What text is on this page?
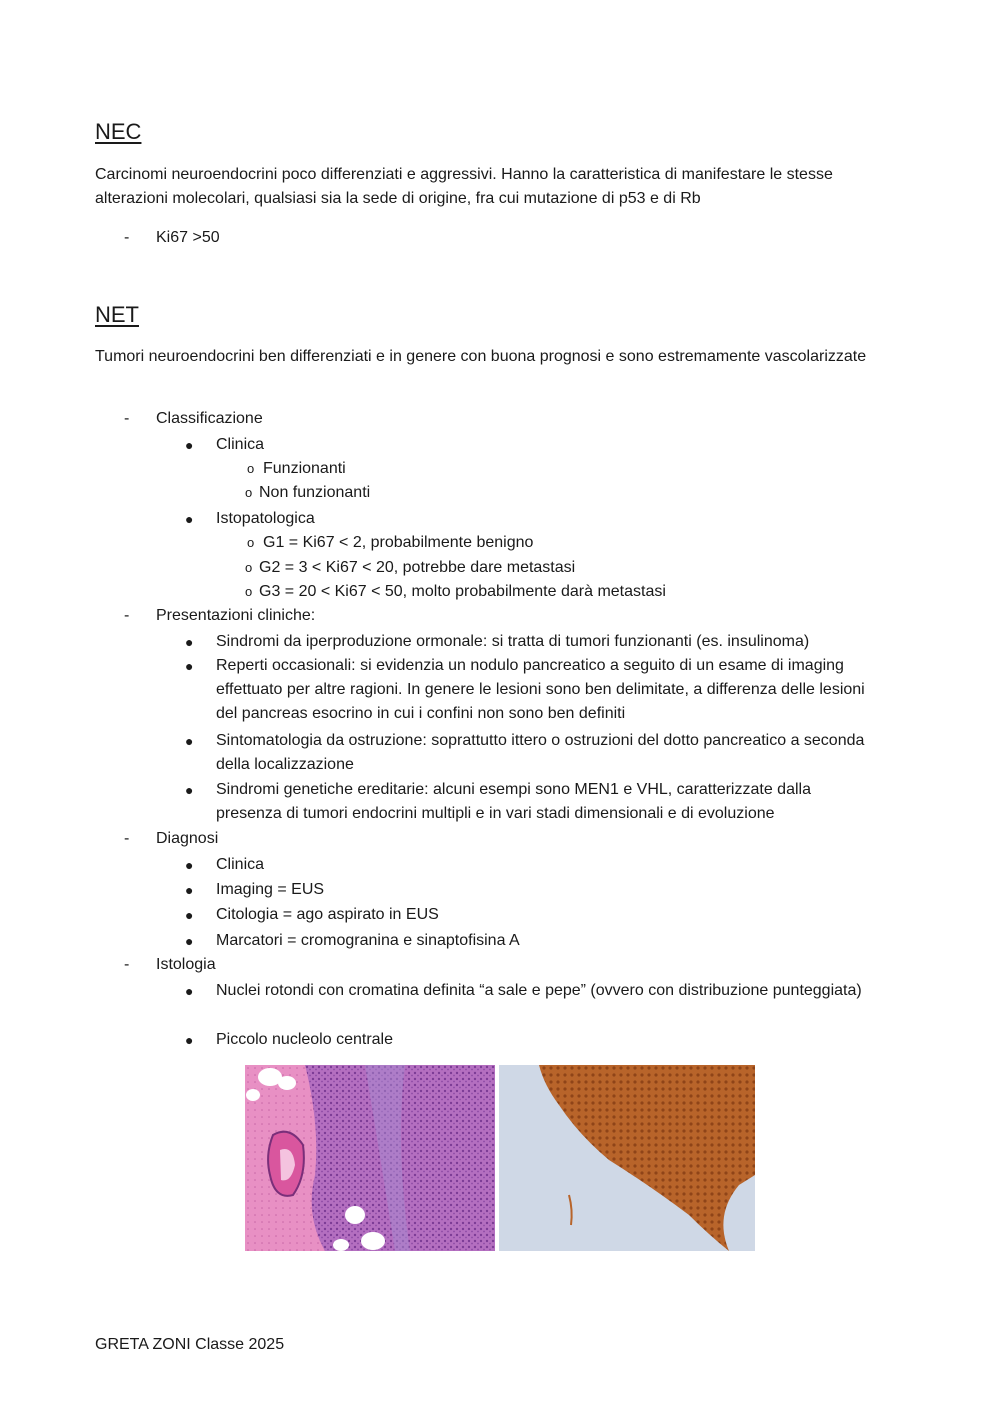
NEC
Carcinomi neuroendocrini poco differenziati e aggressivi. Hanno la caratteristica di manifestare le stesse alterazioni molecolari, qualsiasi sia la sede di origine, fra cui mutazione di p53 e di Rb
- Ki67 >50
NET
Tumori neuroendocrini ben differenziati e in genere con buona prognosi e sono estremamente vascolarizzate
- Classificazione
● Clinica
o Funzionanti
o Non funzionanti
● Istopatologica
o G1 = Ki67 < 2, probabilmente benigno
o G2 = 3 < Ki67 < 20, potrebbe dare metastasi
o G3 = 20 < Ki67 < 50, molto probabilmente darà metastasi
- Presentazioni cliniche:
● Sindromi da iperproduzione ormonale: si tratta di tumori funzionanti (es. insulinoma)
● Reperti occasionali: si evidenzia un nodulo pancreatico a seguito di un esame di imaging effettuato per altre ragioni. In genere le lesioni sono ben delimitate, a differenza delle lesioni del pancreas esocrino in cui i confini non sono ben definiti
● Sintomatologia da ostruzione: soprattutto ittero o ostruzioni del dotto pancreatico a seconda della localizzazione
● Sindromi genetiche ereditarie: alcuni esempi sono MEN1 e VHL, caratterizzate dalla presenza di tumori endocrini multipli e in vari stadi dimensionali e di evoluzione
- Diagnosi
● Clinica
● Imaging = EUS
● Citologia = ago aspirato in EUS
● Marcatori = cromogranina e sinaptofisina A
- Istologia
● Nuclei rotondi con cromatina definita “a sale e pepe” (ovvero con distribuzione punteggiata)
● Piccolo nucleolo centrale
GRETA ZONI Classe 2025
